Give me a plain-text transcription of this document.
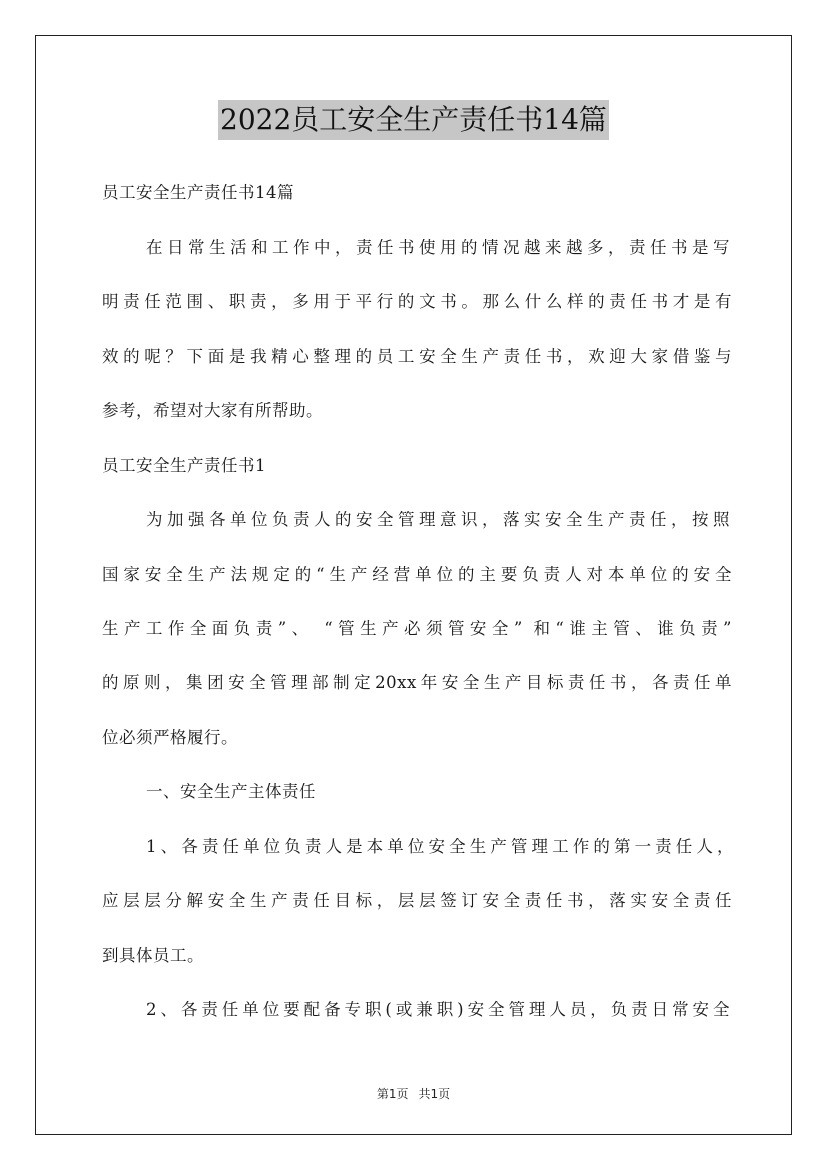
2022员工安全生产责任书14篇
员工安全生产责任书14篇
在日常生活和工作中，责任书使用的情况越来越多，责任书是写
明责任范围、职责，多用于平行的文书。那么什么样的责任书才是有
效的呢？下面是我精心整理的员工安全生产责任书，欢迎大家借鉴与
参考，希望对大家有所帮助。
员工安全生产责任书1
为加强各单位负责人的安全管理意识，落实安全生产责任，按照
国家安全生产法规定的“生产经营单位的主要负责人对本单位的安全
生产工作全面负责”、 “管生产必须管安全” 和“谁主管、谁负责”
的原则，集团安全管理部制定20xx年安全生产目标责任书，各责任单
位必须严格履行。
一、安全生产主体责任
1、各责任单位负责人是本单位安全生产管理工作的第一责任人，
应层层分解安全生产责任目标，层层签订安全责任书，落实安全责任
到具体员工。
2、各责任单位要配备专职(或兼职)安全管理人员，负责日常安全
第1页 共1页
